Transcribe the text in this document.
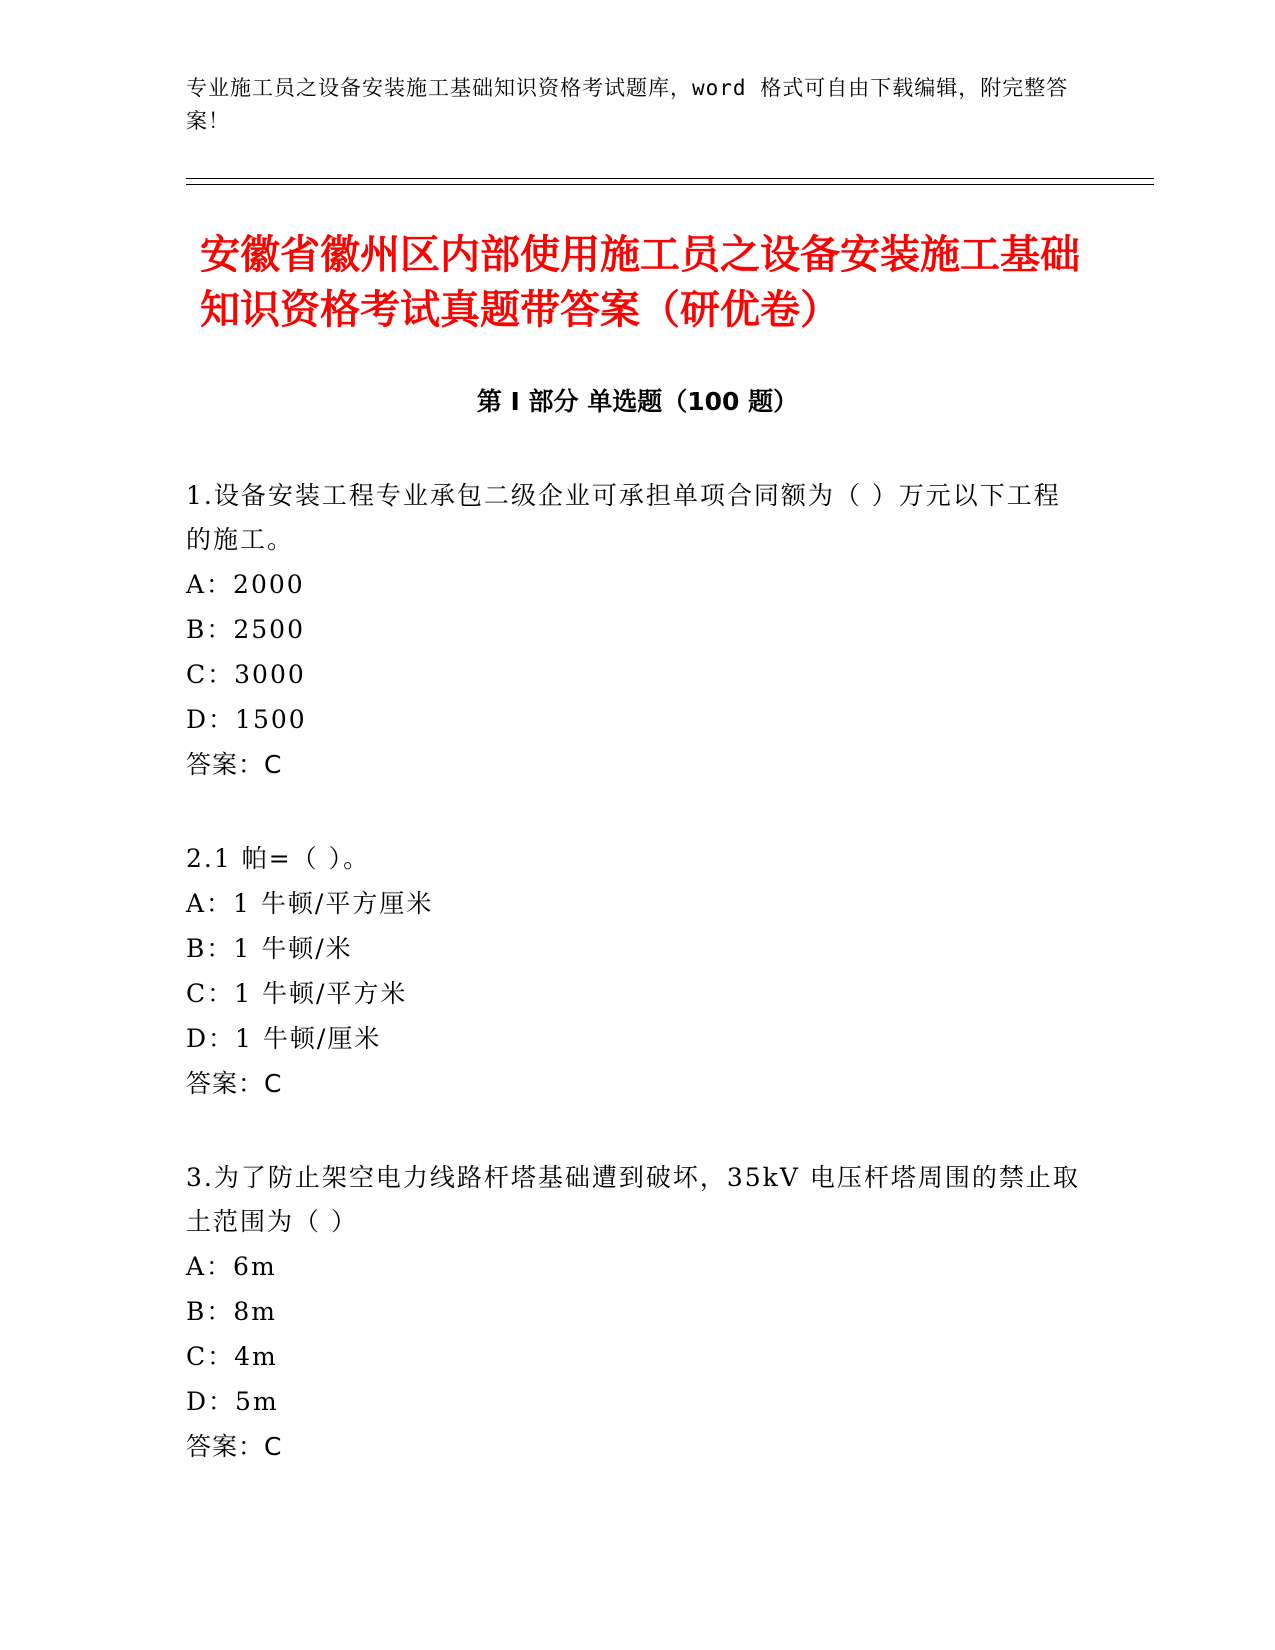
专业施工员之设备安装施工基础知识资格考试题库，word 格式可自由下载编辑，附完整答案！

安徽省徽州区内部使用施工员之设备安装施工基础知识资格考试真题带答案（研优卷）
第 I 部分 单选题（100 题）

1.设备安装工程专业承包二级企业可承担单项合同额为（ ）万元以下工程的施工。

A：2000

B：2500

C：3000

D：1500

答案：C

2.1 帕=（ ）。

A：1 牛顿/平方厘米

B：1 牛顿/米

C：1 牛顿/平方米

D：1 牛顿/厘米

答案：C

3.为了防止架空电力线路杆塔基础遭到破坏，35kV 电压杆塔周围的禁止取土范围为（ ）

A：6m

B：8m

C：4m

D：5m

答案：C
